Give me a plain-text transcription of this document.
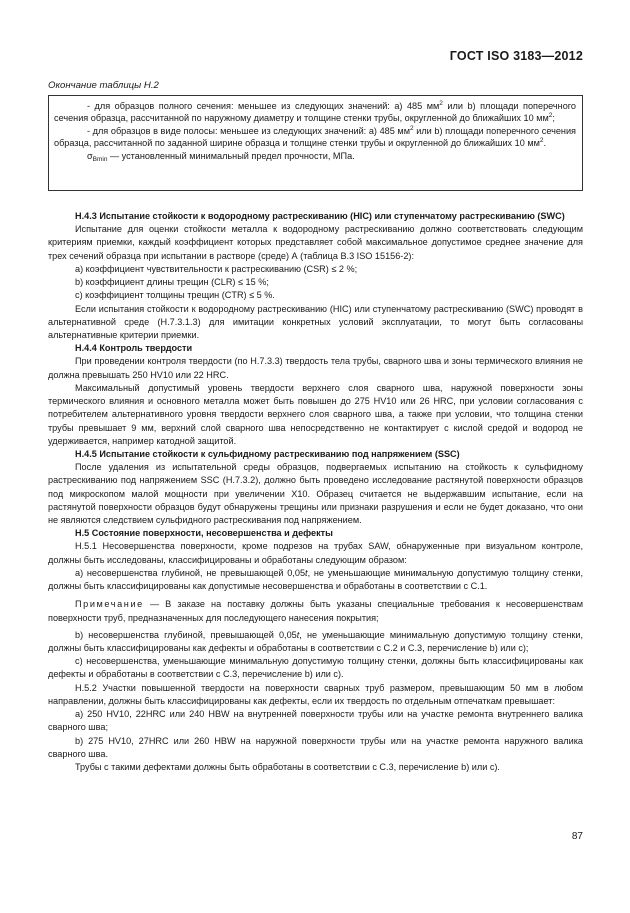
ГОСТ ISO 3183—2012
Окончание таблицы Н.2

- для образцов полного сечения: меньшее из следующих значений: а) 485 $мм^2$ или b) площади поперечного сечения образца, рассчитанной по наружному диаметру и толщине стенки трубы, округленной до ближайших 10 $мм^2$;

- для образцов в виде полосы: меньшее из следующих значений: а) 485 $мм^2$ или b) площади поперечного сечения образца, рассчитанной по заданной ширине образца и толщине стенки трубы и округленной до ближайших 10 $мм^2$.

$\sigma_{Bmin}$ — установленный минимальный предел прочности, МПа.

Н.4.3 Испытание стойкости к водородному растрескиванию (HIC) или ступенчатому растрескиванию (SWC)

Испытание для оценки стойкости металла к водородному растрескиванию должно соответствовать следующим критериям приемки, каждый коэффициент которых представляет собой максимальное допустимое среднее значение для трех сечений образца при испытании в растворе (среде) А (таблица В.3 ISO 15156-2):

а) коэффициент чувствительности к растрескиванию (CSR) ≤ 2 %;

b) коэффициент длины трещин (CLR) ≤ 15 %;

с) коэффициент толщины трещин (CTR) ≤ 5 %.

Если испытания стойкости к водородному растрескиванию (HIC) или ступенчатому растрескиванию (SWC) проводят в альтернативной среде (Н.7.3.1.3) для имитации конкретных условий эксплуатации, то могут быть согласованы альтернативные критерии приемки.

Н.4.4 Контроль твердости

При проведении контроля твердости (по Н.7.3.3) твердость тела трубы, сварного шва и зоны термического влияния не должна превышать 250 HV10 или 22 HRC.

Максимальный допустимый уровень твердости верхнего слоя сварного шва, наружной поверхности зоны термического влияния и основного металла может быть повышен до 275 HV10 или 26 HRC, при условии согласования с потребителем альтернативного уровня твердости верхнего слоя сварного шва, а также при условии, что толщина стенки трубы превышает 9 мм, верхний слой сварного шва непосредственно не контактирует с кислой средой и водород не удерживается, например катодной защитой.

Н.4.5 Испытание стойкости к сульфидному растрескиванию под напряжением (SSC)

После удаления из испытательной среды образцов, подвергаемых испытанию на стойкость к сульфидному растрескиванию под напряжением SSC (Н.7.3.2), должно быть проведено исследование растянутой поверхности образцов под микроскопом малой мощности при увеличении Х10. Образец считается не выдержавшим испытание, если на растянутой поверхности образцов будут обнаружены трещины или признаки разрушения и если не будет доказано, что они не являются следствием сульфидного растрескивания под напряжением.

Н.5 Состояние поверхности, несовершенства и дефекты

Н.5.1 Несовершенства поверхности, кроме подрезов на трубах SAW, обнаруженные при визуальном контроле, должны быть исследованы, классифицированы и обработаны следующим образом:

а) несовершенства глубиной, не превышающей 0,05t, не уменьшающие минимальную допустимую толщину стенки, должны быть классифицированы как допустимые несовершенства и обработаны в соответствии с С.1.

Примечание — В заказе на поставку должны быть указаны специальные требования к несовершенствам поверхности труб, предназначенных для последующего нанесения покрытия;

b) несовершенства глубиной, превышающей 0,05t, не уменьшающие минимальную допустимую толщину стенки, должны быть классифицированы как дефекты и обработаны в соответствии с С.2 и С.3, перечисление b) или с);

с) несовершенства, уменьшающие минимальную допустимую толщину стенки, должны быть классифицированы как дефекты и обработаны в соответствии с С.3, перечисление b) или с).

Н.5.2 Участки повышенной твердости на поверхности сварных труб размером, превышающим 50 мм в любом направлении, должны быть классифицированы как дефекты, если их твердость по отдельным отпечаткам превышает:

а) 250 HV10, 22HRC или 240 HBW на внутренней поверхности трубы или на участке ремонта внутреннего валика сварного шва;

b) 275 HV10, 27HRC или 260 HBW на наружной поверхности трубы или на участке ремонта наружного валика сварного шва.

Трубы с такими дефектами должны быть обработаны в соответствии с С.3, перечисление b) или с).

87
